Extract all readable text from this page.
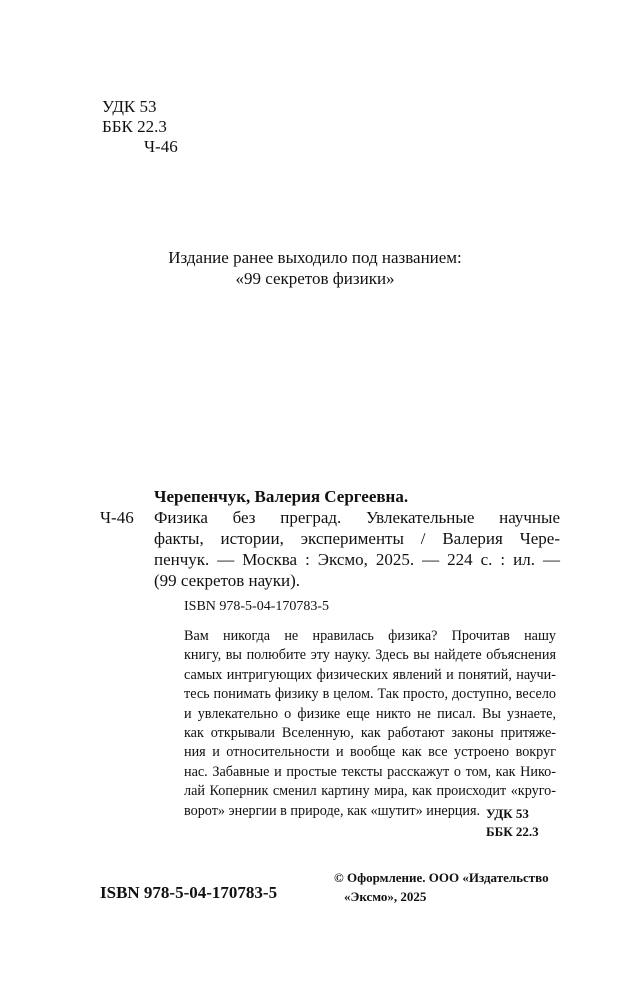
УДК 53
ББК 22.3
Ч-46
Издание ранее выходило под названием:
«99 секретов физики»
Черепенчук, Валерия Сергеевна.
Ч-46	Физика без преград. Увлекательные научные
факты, истории, эксперименты / Валерия Чере-
пенчук. — Москва : Эксмо, 2025. — 224 с. : ил. —
(99 секретов науки).
ISBN 978-5-04-170783-5
Вам никогда не нравилась физика? Прочитав нашу
книгу, вы полюбите эту науку. Здесь вы найдете объяснения
самых интригующих физических явлений и понятий, научи-
тесь понимать физику в целом. Так просто, доступно, весело
и увлекательно о физике еще никто не писал. Вы узнаете,
как открывали Вселенную, как работают законы притяже-
ния и относительности и вообще как все устроено вокруг
нас. Забавные и простые тексты расскажут о том, как Нико-
лай Коперник сменил картину мира, как происходит «круго-
ворот» энергии в природе, как «шутит» инерция. УДК 53
ББК 22.3
ISBN 978-5-04-170783-5
© Оформление. ООО «Издательство
«Эксмо», 2025
